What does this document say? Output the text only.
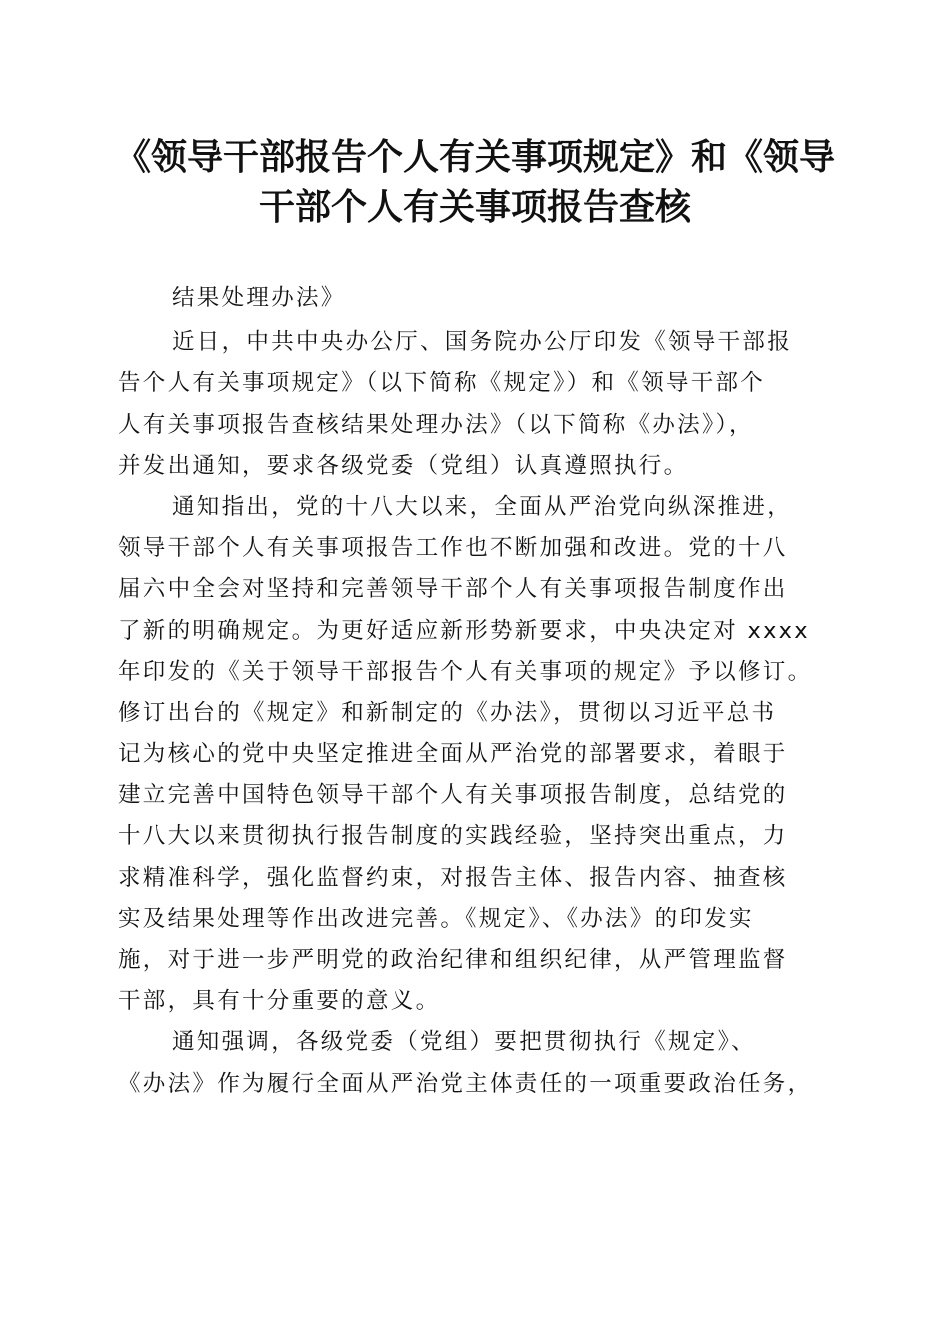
《领导干部报告个人有关事项规定》和《领导
干部个人有关事项报告查核
结果处理办法》
近日，中共中央办公厅、国务院办公厅印发《领导干部报
告个人有关事项规定》（以下简称《规定》）和《领导干部个
人有关事项报告查核结果处理办法》（以下简称《办法》），
并发出通知，要求各级党委（党组）认真遵照执行。
通知指出，党的十八大以来，全面从严治党向纵深推进，
领导干部个人有关事项报告工作也不断加强和改进。党的十八
届六中全会对坚持和完善领导干部个人有关事项报告制度作出
了新的明确规定。为更好适应新形势新要求，中央决定对 xxxx
年印发的《关于领导干部报告个人有关事项的规定》予以修订。
修订出台的《规定》和新制定的《办法》，贯彻以习近平总书
记为核心的党中央坚定推进全面从严治党的部署要求，着眼于
建立完善中国特色领导干部个人有关事项报告制度，总结党的
十八大以来贯彻执行报告制度的实践经验，坚持突出重点，力
求精准科学，强化监督约束，对报告主体、报告内容、抽查核
实及结果处理等作出改进完善。《规定》、《办法》的印发实
施，对于进一步严明党的政治纪律和组织纪律，从严管理监督
干部，具有十分重要的意义。
通知强调，各级党委（党组）要把贯彻执行《规定》、
《办法》作为履行全面从严治党主体责任的一项重要政治任务，
